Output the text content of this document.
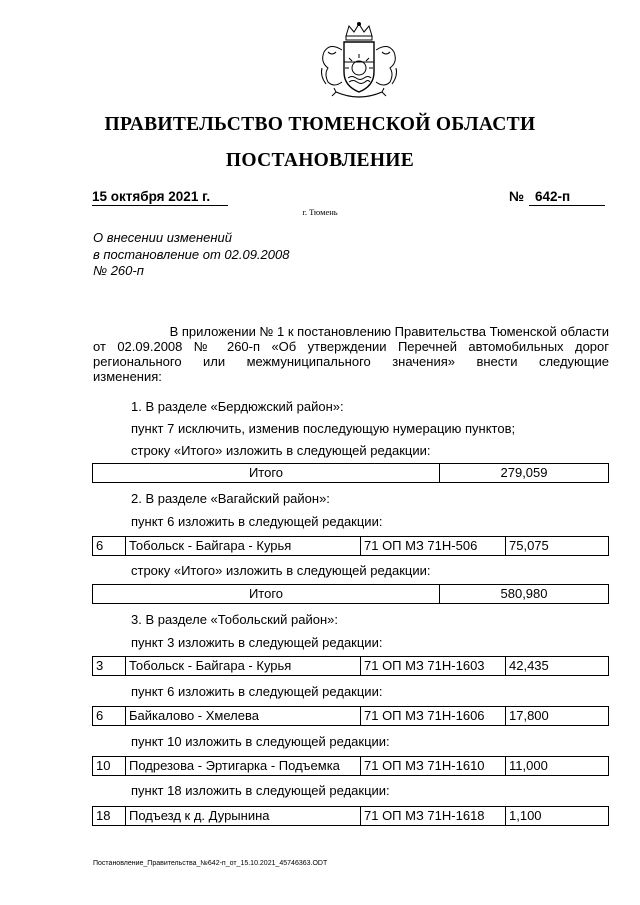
ПРАВИТЕЛЬСТВО ТЮМЕНСКОЙ ОБЛАСТИ
ПОСТАНОВЛЕНИЕ
15 октября 2021 г.	№ 642-п
г. Тюмень
О внесении изменений
в постановление от 02.09.2008
№ 260-п
В приложении № 1 к постановлению Правительства Тюменской области
от 02.09.2008 № 260-п «Об утверждении Перечней автомобильных дорог
регионального или межмуниципального значения» внести следующие
изменения:
1. В разделе «Бердюжский район»:
пункт 7 исключить, изменив последующую нумерацию пунктов;
строку «Итого» изложить в следующей редакции:
Итого	279,059
2. В разделе «Вагайский район»:
пункт 6 изложить в следующей редакции:
6	Тобольск - Байгара - Курья	71 ОП МЗ 71Н-506	75,075
строку «Итого» изложить в следующей редакции:
Итого	580,980
3. В разделе «Тобольский район»:
пункт 3 изложить в следующей редакции:
3	Тобольск - Байгара - Курья	71 ОП МЗ 71Н-1603	42,435
пункт 6 изложить в следующей редакции:
6	Байкалово - Хмелева	71 ОП МЗ 71Н-1606	17,800
пункт 10 изложить в следующей редакции:
10	Подрезова - Эртигарка - Подъемка	71 ОП МЗ 71Н-1610	11,000
пункт 18 изложить в следующей редакции:
18	Подъезд к д. Дурынина	71 ОП МЗ 71Н-1618	1,100
Постановление_Правительства_№642-п_от_15.10.2021_45746363.ODT
